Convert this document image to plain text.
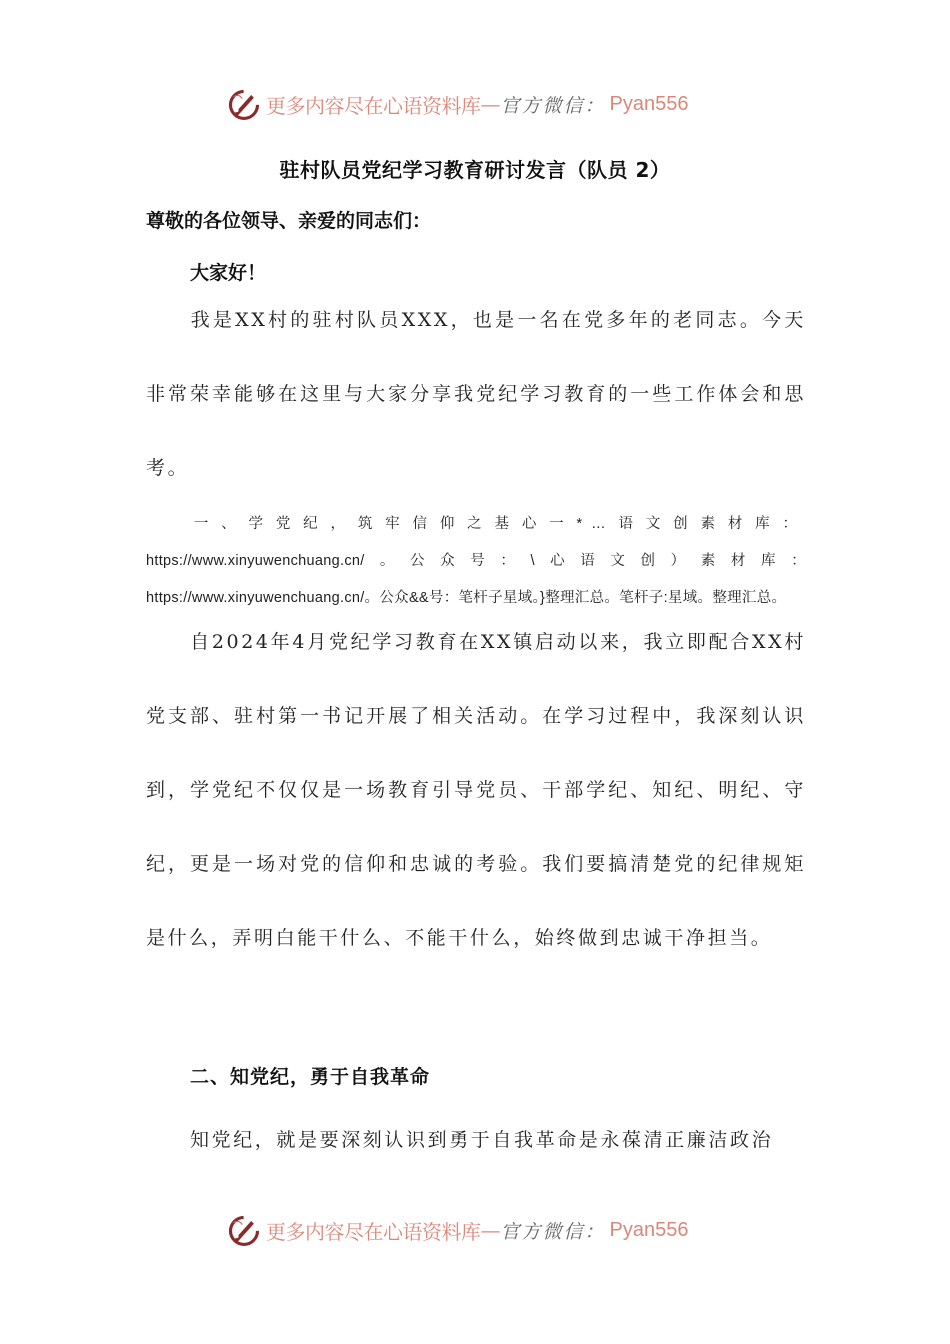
更多内容尽在心语资料库 — 官方微信： Pyan556
驻村队员党纪学习教育研讨发言（队员 2）
尊敬的各位领导、亲爱的同志们：
大家好！
我是XX村的驻村队员XXX，也是一名在党多年的老同志。今天非常荣幸能够在这里与大家分享我党纪学习教育的一些工作体会和思考。
一、学党纪，筑牢信仰之基心一*…语文创素材库：https://www.xinyuwenchuang.cn/。公众号：\心语文创）素材库：https://www.xinyuwenchuang.cn/。公众&&号：笔杆子星域。}整理汇总。笔杆子:星域。整理汇总。
自2024年4月党纪学习教育在XX镇启动以来，我立即配合XX村党支部、驻村第一书记开展了相关活动。在学习过程中，我深刻认识到，学党纪不仅仅是一场教育引导党员、干部学纪、知纪、明纪、守纪，更是一场对党的信仰和忠诚的考验。我们要搞清楚党的纪律规矩是什么，弄明白能干什么、不能干什么，始终做到忠诚干净担当。
二、知党纪，勇于自我革命
知党纪，就是要深刻认识到勇于自我革命是永葆清正廉洁政治
更多内容尽在心语资料库 — 官方微信： Pyan556
